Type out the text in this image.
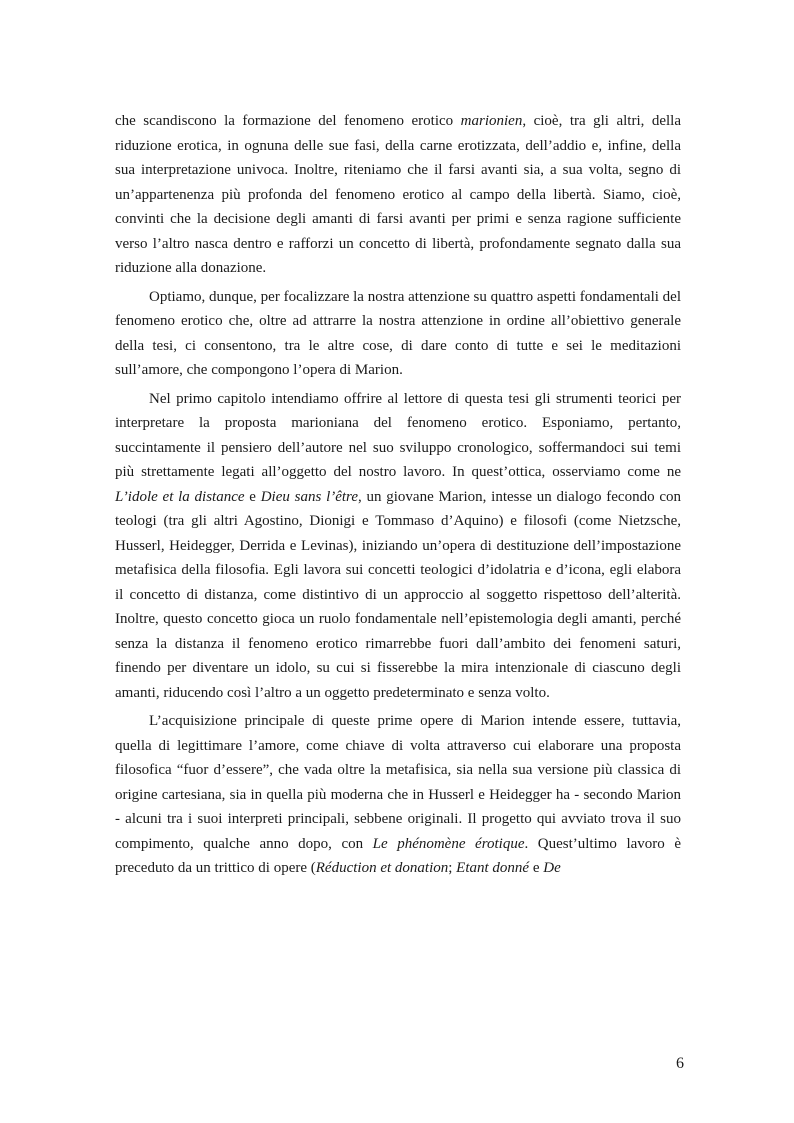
che scandiscono la formazione del fenomeno erotico marionien, cioè, tra gli altri, della riduzione erotica, in ognuna delle sue fasi, della carne erotizzata, dell’addio e, infine, della sua interpretazione univoca. Inoltre, riteniamo che il farsi avanti sia, a sua volta, segno di un’appartenenza più profonda del fenomeno erotico al campo della libertà. Siamo, cioè, convinti che la decisione degli amanti di farsi avanti per primi e senza ragione sufficiente verso l’altro nasca dentro e rafforzi un concetto di libertà, profondamente segnato dalla sua riduzione alla donazione.

Optiamo, dunque, per focalizzare la nostra attenzione su quattro aspetti fondamentali del fenomeno erotico che, oltre ad attrarre la nostra attenzione in ordine all’obiettivo generale della tesi, ci consentono, tra le altre cose, di dare conto di tutte e sei le meditazioni sull’amore, che compongono l’opera di Marion.

Nel primo capitolo intendiamo offrire al lettore di questa tesi gli strumenti teorici per interpretare la proposta marioniana del fenomeno erotico. Esponiamo, pertanto, succintamente il pensiero dell’autore nel suo sviluppo cronologico, soffermandoci sui temi più strettamente legati all’oggetto del nostro lavoro. In quest’ottica, osserviamo come ne L’idole et la distance e Dieu sans l’être, un giovane Marion, intesse un dialogo fecondo con teologi (tra gli altri Agostino, Dionigi e Tommaso d’Aquino) e filosofi (come Nietzsche, Husserl, Heidegger, Derrida e Levinas), iniziando un’opera di destituzione dell’impostazione metafisica della filosofia. Egli lavora sui concetti teologici d’idolatria e d’icona, egli elabora il concetto di distanza, come distintivo di un approccio al soggetto rispettoso dell’alterità. Inoltre, questo concetto gioca un ruolo fondamentale nell’epistemologia degli amanti, perché senza la distanza il fenomeno erotico rimarrebbe fuori dall’ambito dei fenomeni saturi, finendo per diventare un idolo, su cui si fisserebbe la mira intenzionale di ciascuno degli amanti, riducendo così l’altro a un oggetto predeterminato e senza volto.

L’acquisizione principale di queste prime opere di Marion intende essere, tuttavia, quella di legittimare l’amore, come chiave di volta attraverso cui elaborare una proposta filosofica “fuor d’essere”, che vada oltre la metafisica, sia nella sua versione più classica di origine cartesiana, sia in quella più moderna che in Husserl e Heidegger ha - secondo Marion - alcuni tra i suoi interpreti principali, sebbene originali. Il progetto qui avviato trova il suo compimento, qualche anno dopo, con Le phénomène érotique. Quest’ultimo lavoro è preceduto da un trittico di opere (Réduction et donation; Etant donné e De

6
